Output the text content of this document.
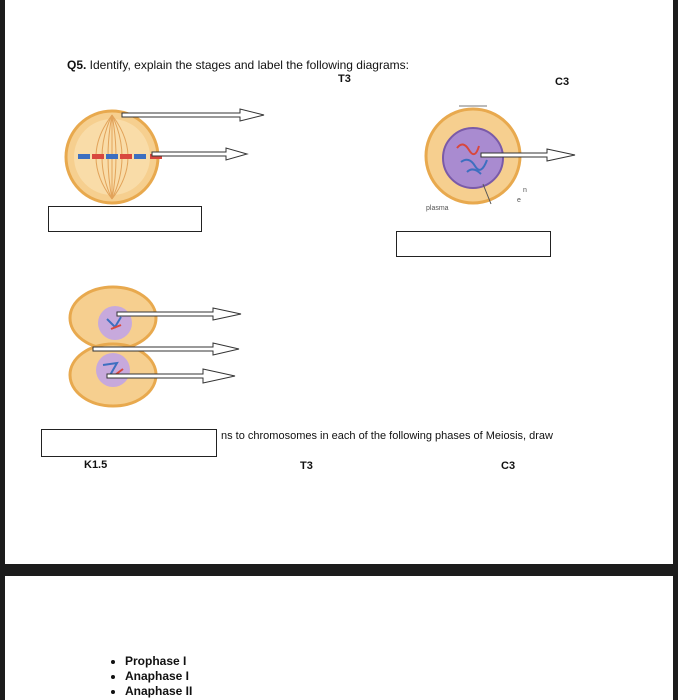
Q5. Identify, explain the stages and label the following diagrams:
T3	C3
plasma
n
e
ns to chromosomes in each of the following phases of Meiosis, draw
K1.5	T3	C3
• Prophase I
• Anaphase I
• Anaphase II
